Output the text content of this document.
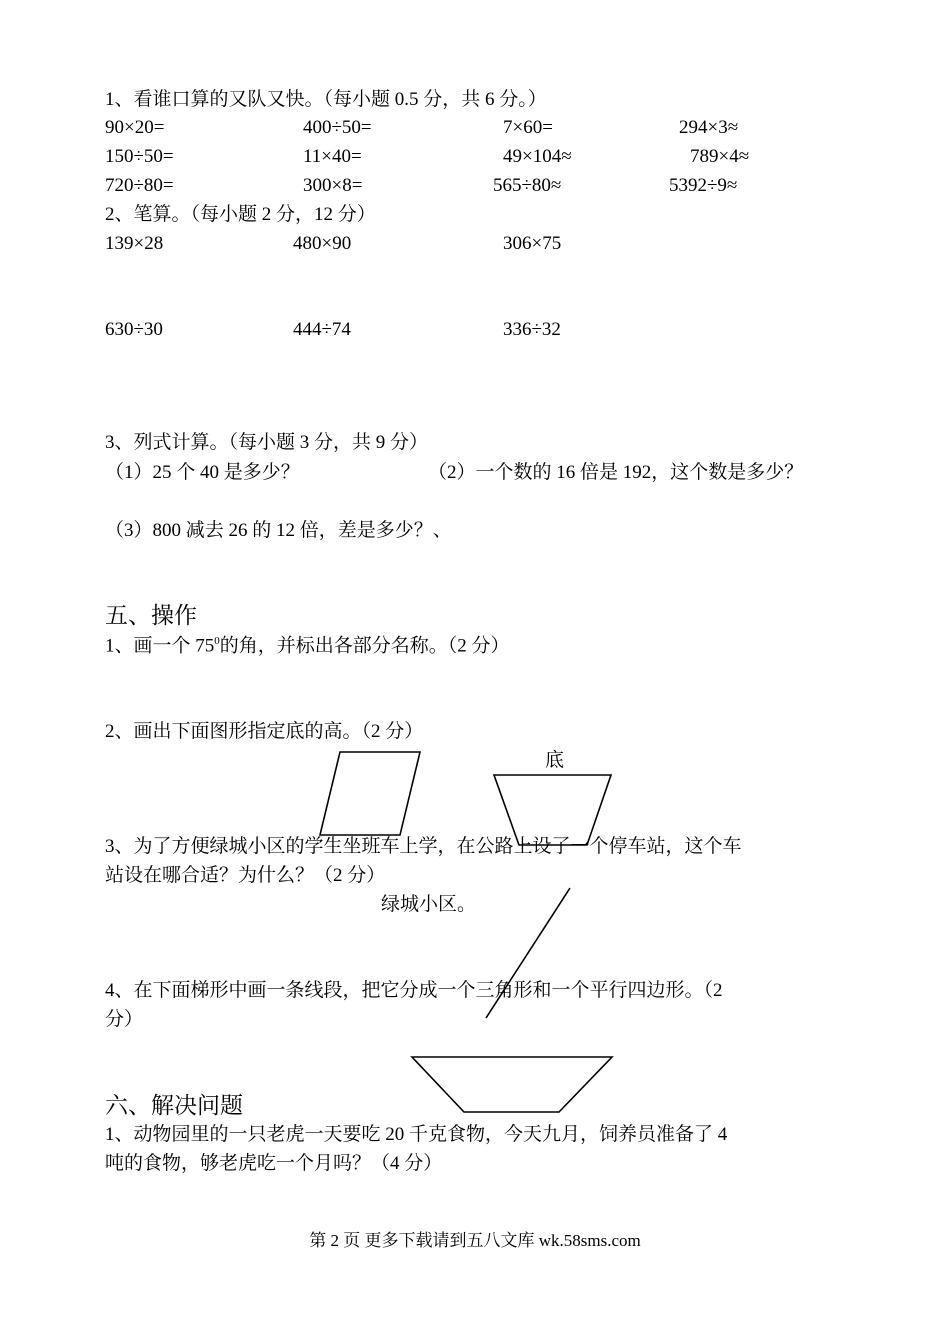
1、看谁口算的又队又快。（每小题 0.5 分，共 6 分。）
90×20=	400÷50=	7×60=	294×3≈
150÷50=	11×40=	49×104≈	789×4≈
720÷80=	300×8=	565÷80≈	5392÷9≈
2、笔算。（每小题 2 分，12 分）
139×28	480×90	306×75
630÷30	444÷74	336÷32
3、列式计算。（每小题 3 分，共 9 分）
（1）25 个 40 是多少？	（2）一个数的 16 倍是 192，这个数是多少？
（3）800 减去 26 的 12 倍，差是多少？、
五、操作
1、画一个 $75^0$的角，并标出各部分名称。（2 分）
2、画出下面图形指定底的高。（2 分）
底
3、为了方便绿城小区的学生坐班车上学，在公路上设了一个停车站，这个车
站设在哪合适？为什么？（2 分）
绿城小区。
4、在下面梯形中画一条线段，把它分成一个三角形和一个平行四边形。（2
分）
六、解决问题
1、动物园里的一只老虎一天要吃 20 千克食物，今天九月，饲养员准备了 4
吨的食物，够老虎吃一个月吗？（4 分）
第 2 页 更多下载请到五八文库 wk.58sms.com
